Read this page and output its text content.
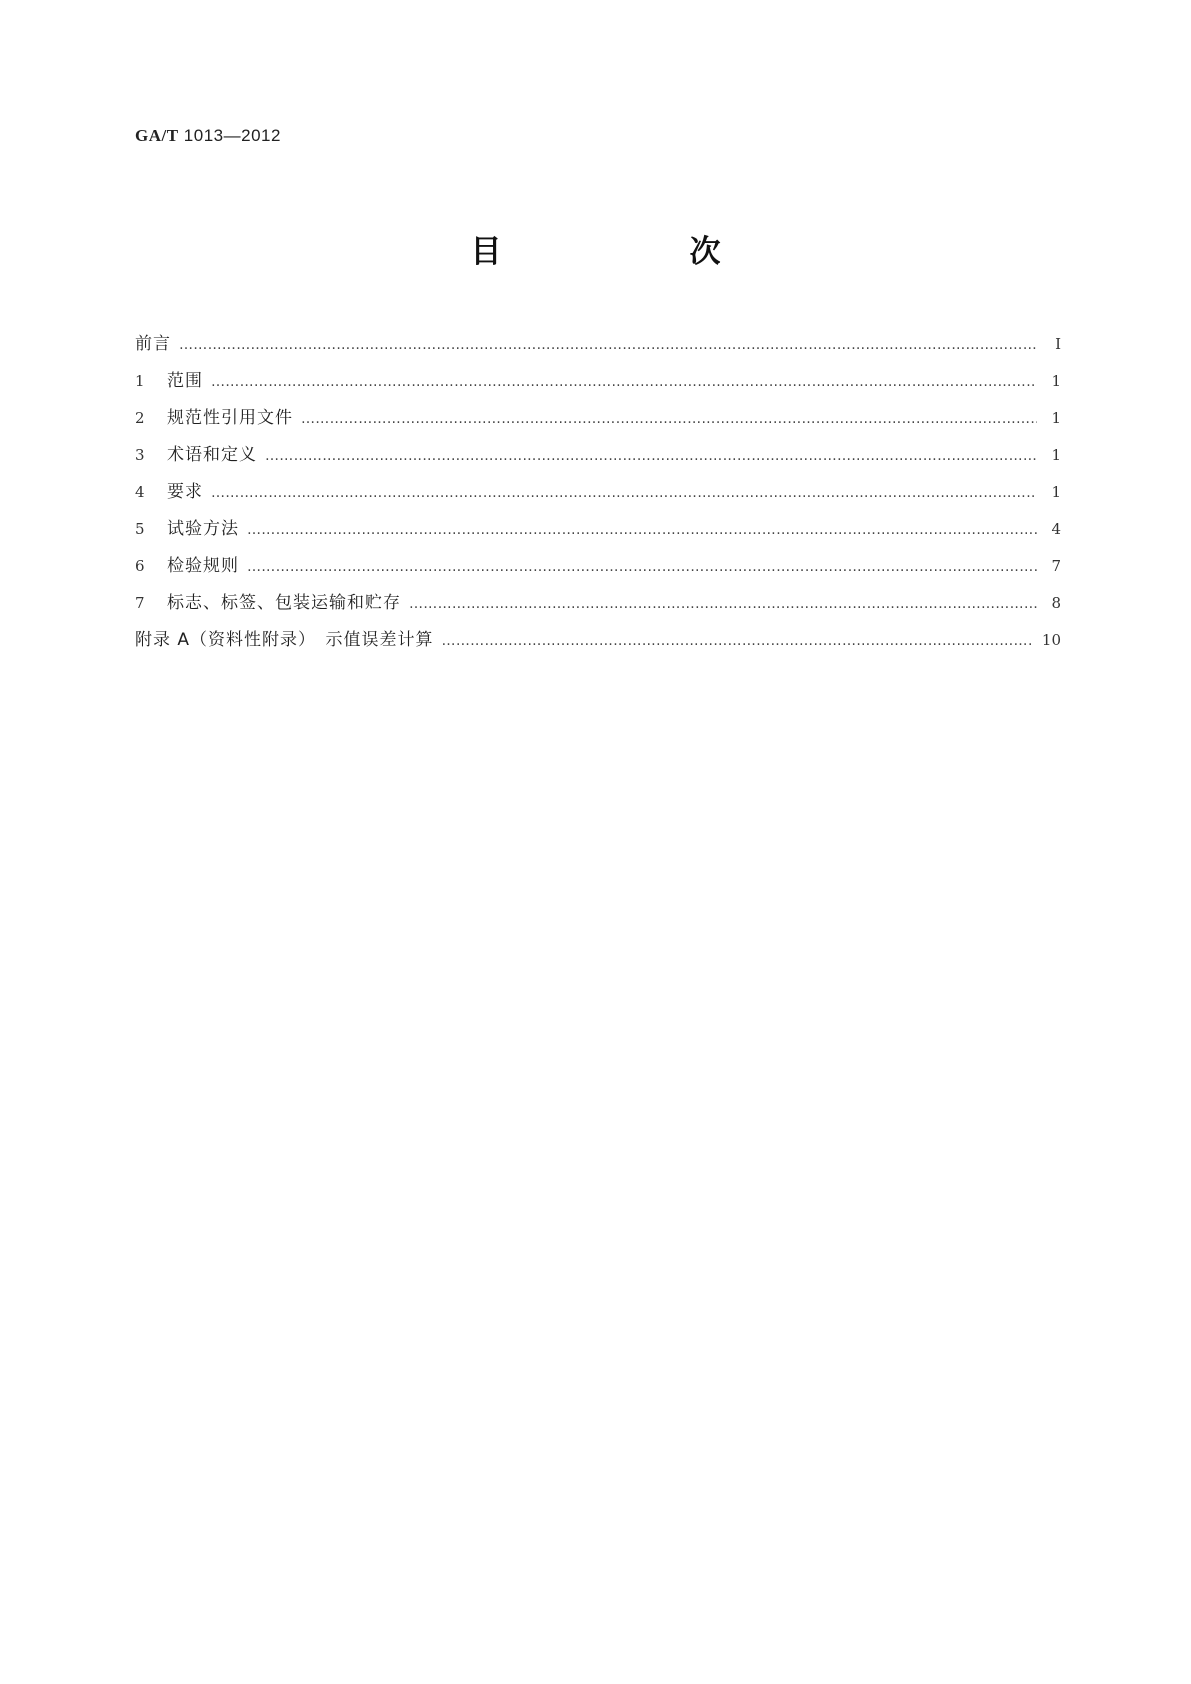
GA/T 1013—2012
目　　次
前言 ……………………………………………………………………………………………………………………………………………………………………………………………………………………	Ⅰ
1	范围 ……………………………………………………………………………………………………………………………………………………………………………………………………………………	1
2	规范性引用文件 ……………………………………………………………………………………………………………………………………………………………………………………………………………………	1
3	术语和定义 ……………………………………………………………………………………………………………………………………………………………………………………………………………………	1
4	要求 ……………………………………………………………………………………………………………………………………………………………………………………………………………………	1
5	试验方法 ……………………………………………………………………………………………………………………………………………………………………………………………………………………	4
6	检验规则 ……………………………………………………………………………………………………………………………………………………………………………………………………………………	7
7	标志、标签、包装运输和贮存 ……………………………………………………………………………………………………………………………………………………………………………………………………………………	8
附录 A（资料性附录）　示值误差计算 ……………………………………………………………………………………………………………………………………………………………………………………………………………………	10
